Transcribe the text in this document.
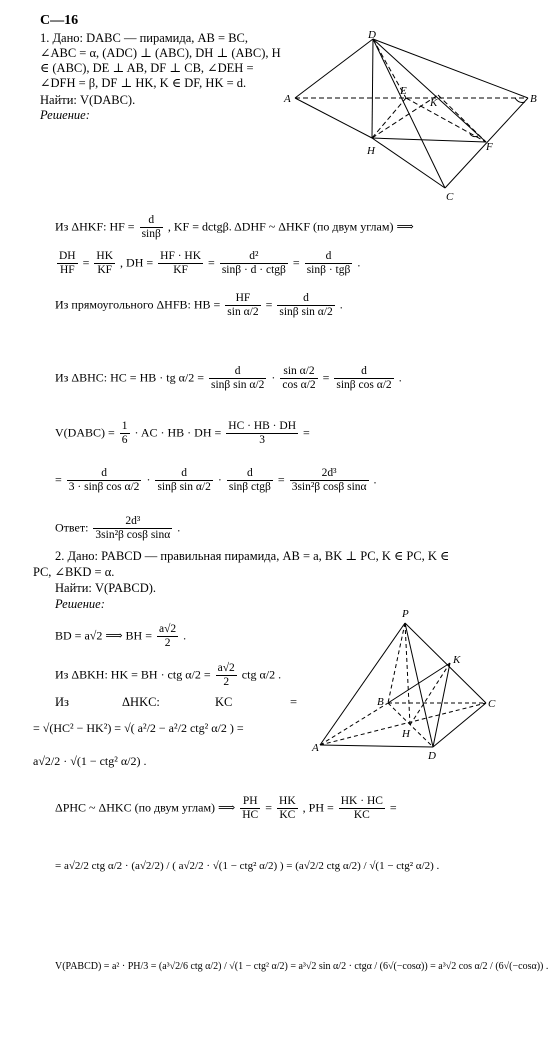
С—16
1. Дано: DABC — пирамида, AB = BC,
∠ABC = α, (ADC) ⊥ (ABC), DH ⊥ (ABC), H
∈ (ABC), DE ⊥ AB, DF ⊥ CB, ∠DEH =
∠DFH = β, DF ⊥ HK, K ∈ DF, HK = d.
Найти: V(DABC).
Решение:
D
A	B
E
K
H	F
C
Из ΔHKF: HF = $\frac{d}{\sin\beta}$ , KF = dctgβ. ΔDHF ~ ΔHKF (по двум углам) ⟹
$\frac{DH}{HF} = \frac{HK}{KF}$ , DH = $\frac{HF \cdot HK}{KF} = \frac{\text{d²}}{\text{sinβ · d · ctgβ}} = \frac{d}{\text{sinβ · tgβ}}$ .
Из прямоугольного ΔHFB: HB = $\frac{HF}{\text{sin α/2}} = \frac{d}{\text{sinβ sin α/2}}$ .
Из ΔBHC: HC = HB · tg $\alpha/2 = \frac{d}{\text{sinβ sin α/2}} \cdot \frac{\text{sin α/2}}{\text{cos α/2}} = \frac{d}{\text{sinβ cos α/2}}$ .
V(DABC) = $\frac{1}{6}$ · AC · HB · DH = $\frac{HC \cdot HB \cdot DH}{3}$ =
= $\frac{d}{\text{3 · sinβ cos α/2}} \cdot \frac{d}{\text{sinβ sin α/2}} \cdot \frac{d}{\text{sinβ ctgβ}} = \frac{\text{2d³}}{\text{3sin²β cosβ sinα}}$ .
Ответ: $\frac{\text{2d³}}{\text{3sin²β cosβ sinα}}$ .
2. Дано: PABCD — правильная пирамида, AB = a, BK ⊥ PC, K ∈ PC, K ∈
PC, ∠BKD = α.
Найти: V(PABCD).
Решение:
BD = a√2 ⟹ BH = $\frac{a√2}{2}$ .
Из ΔBKH: HK = BH · ctg $\alpha/2 = \frac{a√2}{2}$ ctg α/2 .
Из	ΔHKC:	KC	=
= √(HC² − HK²) = √( a²/2 − a²/2 ctg² α/2 ) =
a√2/2 · √(1 − ctg² α/2) .
P
K
B	C
H
A
D
ΔPHC ~ ΔHKC (по двум углам) ⟹ $\frac{PH}{HC} = \frac{HK}{KC}$ , PH = $\frac{HK \cdot HC}{KC}$ =
= a√2/2 ctg α/2 · (a√2/2) / ( a√2/2 · √(1 − ctg² α/2) ) = (a√2/2 ctg α/2) / √(1 − ctg² α/2) .
V(PABCD) = a² · PH/3 = (a³√2/6 ctg α/2) / √(1 − ctg² α/2) = a³√2 sin α/2 · ctgα / (6√(−cosα)) = a³√2 cos α/2 / (6√(−cosα)) .
